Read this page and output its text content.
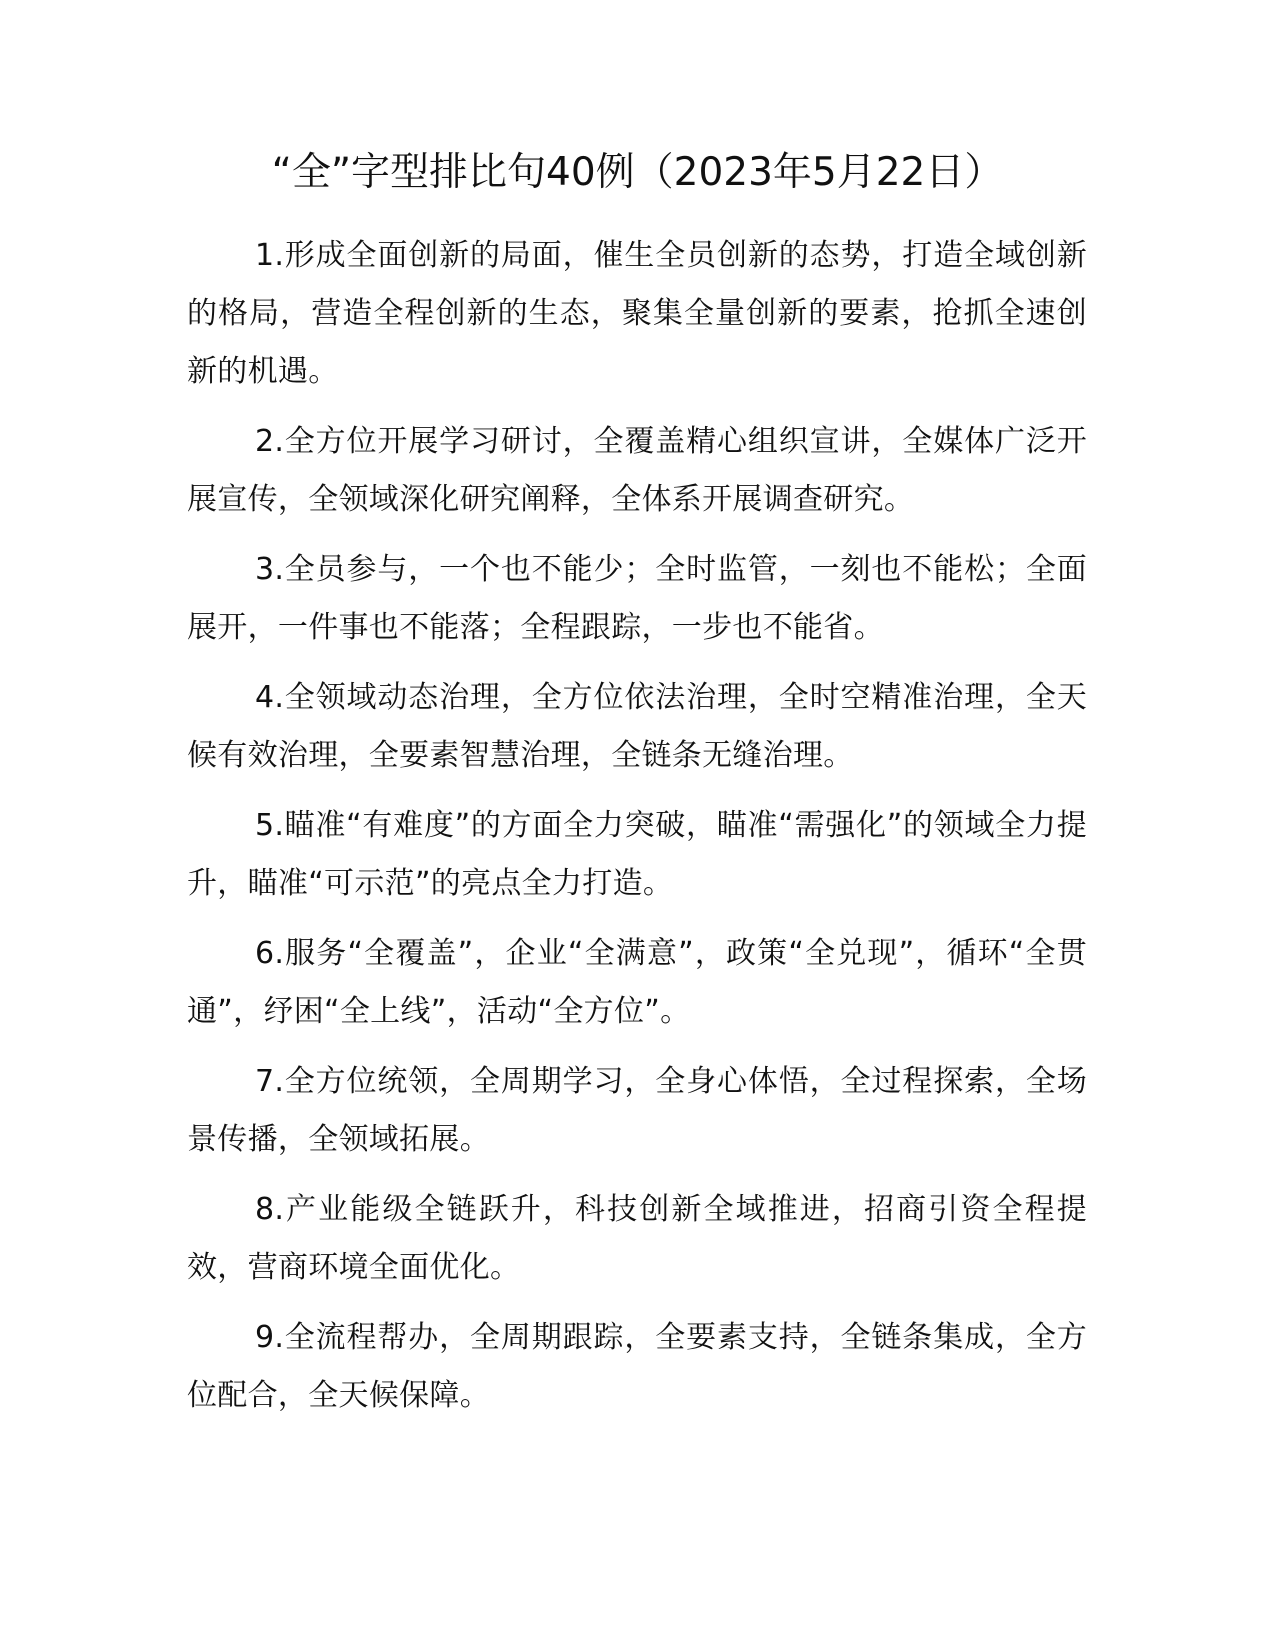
“全”字型排比句40例（2023年5月22日）

1.形成全面创新的局面，催生全员创新的态势，打造全域创新的格局，营造全程创新的生态，聚集全量创新的要素，抢抓全速创新的机遇。

2.全方位开展学习研讨，全覆盖精心组织宣讲，全媒体广泛开展宣传，全领域深化研究阐释，全体系开展调查研究。

3.全员参与，一个也不能少；全时监管，一刻也不能松；全面展开，一件事也不能落；全程跟踪，一步也不能省。

4.全领域动态治理，全方位依法治理，全时空精准治理，全天候有效治理，全要素智慧治理，全链条无缝治理。

5.瞄准“有难度”的方面全力突破，瞄准“需强化”的领域全力提升，瞄准“可示范”的亮点全力打造。

6.服务“全覆盖”，企业“全满意”，政策“全兑现”，循环“全贯通”，纾困“全上线”，活动“全方位”。

7.全方位统领，全周期学习，全身心体悟，全过程探索，全场景传播，全领域拓展。

8.产业能级全链跃升，科技创新全域推进，招商引资全程提效，营商环境全面优化。

9.全流程帮办，全周期跟踪，全要素支持，全链条集成，全方位配合，全天候保障。
